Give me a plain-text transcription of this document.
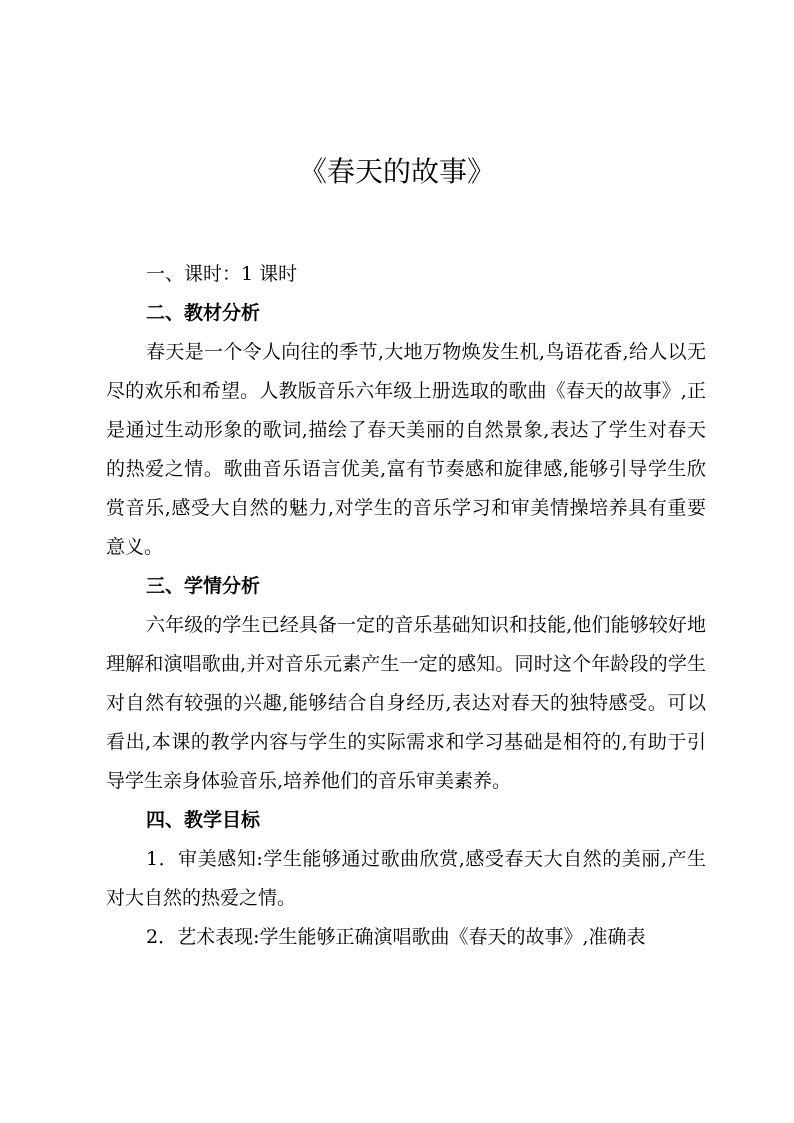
《春天的故事》

一、课时：1 课时

二、教材分析

春天是一个令人向往的季节,大地万物焕发生机,鸟语花香,给人以无尽的欢乐和希望。人教版音乐六年级上册选取的歌曲《春天的故事》,正是通过生动形象的歌词,描绘了春天美丽的自然景象,表达了学生对春天的热爱之情。歌曲音乐语言优美,富有节奏感和旋律感,能够引导学生欣赏音乐,感受大自然的魅力,对学生的音乐学习和审美情操培养具有重要意义。

三、学情分析

六年级的学生已经具备一定的音乐基础知识和技能,他们能够较好地理解和演唱歌曲,并对音乐元素产生一定的感知。同时这个年龄段的学生对自然有较强的兴趣,能够结合自身经历,表达对春天的独特感受。可以看出,本课的教学内容与学生的实际需求和学习基础是相符的,有助于引导学生亲身体验音乐,培养他们的音乐审美素养。

四、教学目标

1．审美感知:学生能够通过歌曲欣赏,感受春天大自然的美丽,产生对大自然的热爱之情。

2．艺术表现:学生能够正确演唱歌曲《春天的故事》,准确表
